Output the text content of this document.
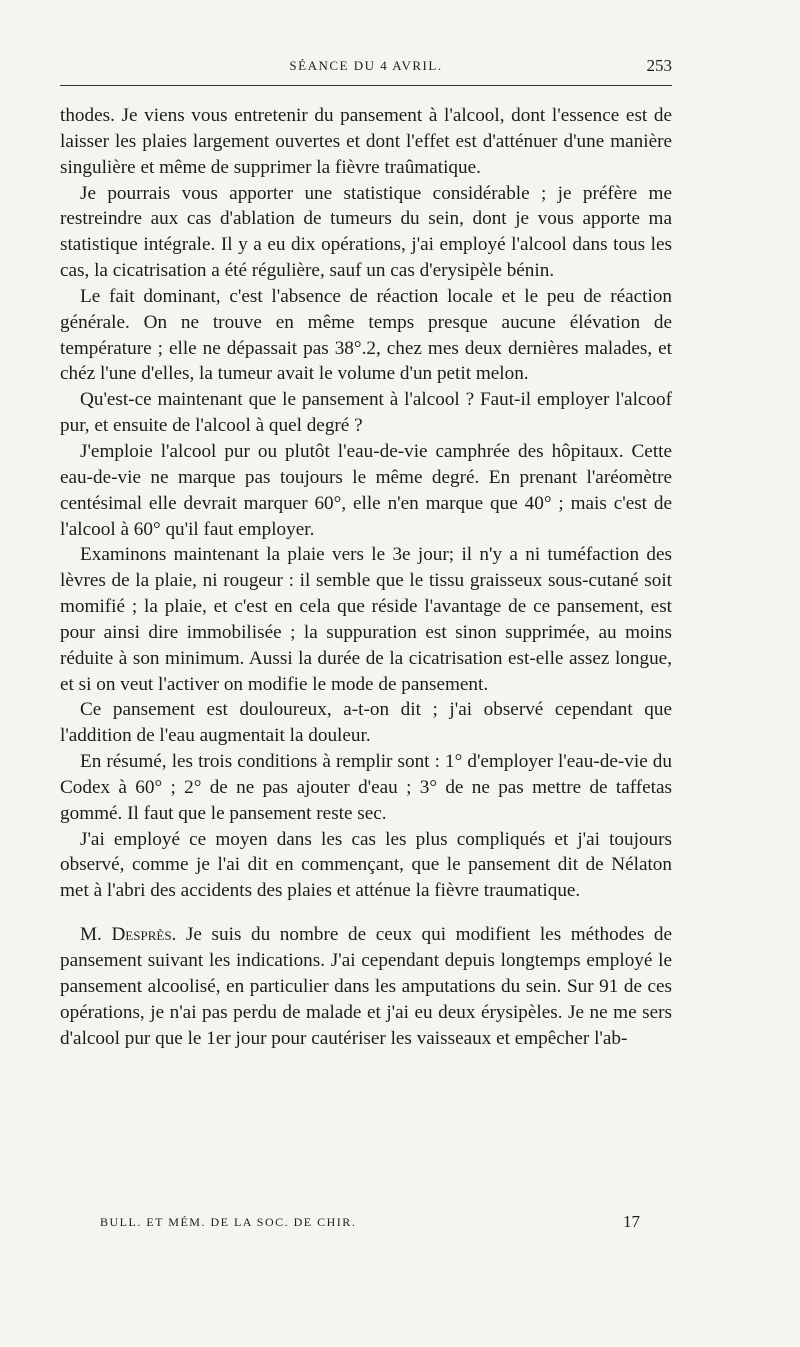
SÉANCE DU 4 AVRIL.	253

thodes. Je viens vous entretenir du pansement à l'alcool, dont l'essence est de laisser les plaies largement ouvertes et dont l'effet est d'atténuer d'une manière singulière et même de supprimer la fièvre traûmatique.

Je pourrais vous apporter une statistique considérable ; je préfère me restreindre aux cas d'ablation de tumeurs du sein, dont je vous apporte ma statistique intégrale. Il y a eu dix opérations, j'ai employé l'alcool dans tous les cas, la cicatrisation a été régulière, sauf un cas d'erysipèle bénin.

Le fait dominant, c'est l'absence de réaction locale et le peu de réaction générale. On ne trouve en même temps presque aucune élévation de température ; elle ne dépassait pas 38°.2, chez mes deux dernières malades, et chéz l'une d'elles, la tumeur avait le volume d'un petit melon.

Qu'est-ce maintenant que le pansement à l'alcool ? Faut-il employer l'alcoof pur, et ensuite de l'alcool à quel degré ?

J'emploie l'alcool pur ou plutôt l'eau-de-vie camphrée des hôpitaux. Cette eau-de-vie ne marque pas toujours le même degré. En prenant l'aréomètre centésimal elle devrait marquer 60°, elle n'en marque que 40° ; mais c'est de l'alcool à 60° qu'il faut employer.

Examinons maintenant la plaie vers le 3e jour; il n'y a ni tuméfaction des lèvres de la plaie, ni rougeur : il semble que le tissu graisseux sous-cutané soit momifié ; la plaie, et c'est en cela que réside l'avantage de ce pansement, est pour ainsi dire immobilisée ; la suppuration est sinon supprimée, au moins réduite à son minimum. Aussi la durée de la cicatrisation est-elle assez longue, et si on veut l'activer on modifie le mode de pansement.

Ce pansement est douloureux, a-t-on dit ; j'ai observé cependant que l'addition de l'eau augmentait la douleur.

En résumé, les trois conditions à remplir sont : 1° d'employer l'eau-de-vie du Codex à 60° ; 2° de ne pas ajouter d'eau ; 3° de ne pas mettre de taffetas gommé. Il faut que le pansement reste sec.

J'ai employé ce moyen dans les cas les plus compliqués et j'ai toujours observé, comme je l'ai dit en commençant, que le pansement dit de Nélaton met à l'abri des accidents des plaies et atténue la fièvre traumatique.

M. Desprès. Je suis du nombre de ceux qui modifient les méthodes de pansement suivant les indications. J'ai cependant depuis longtemps employé le pansement alcoolisé, en particulier dans les amputations du sein. Sur 91 de ces opérations, je n'ai pas perdu de malade et j'ai eu deux érysipèles. Je ne me sers d'alcool pur que le 1er jour pour cautériser les vaisseaux et empêcher l'ab-

BULL. ET MÉM. DE LA SOC. DE CHIR.	17
